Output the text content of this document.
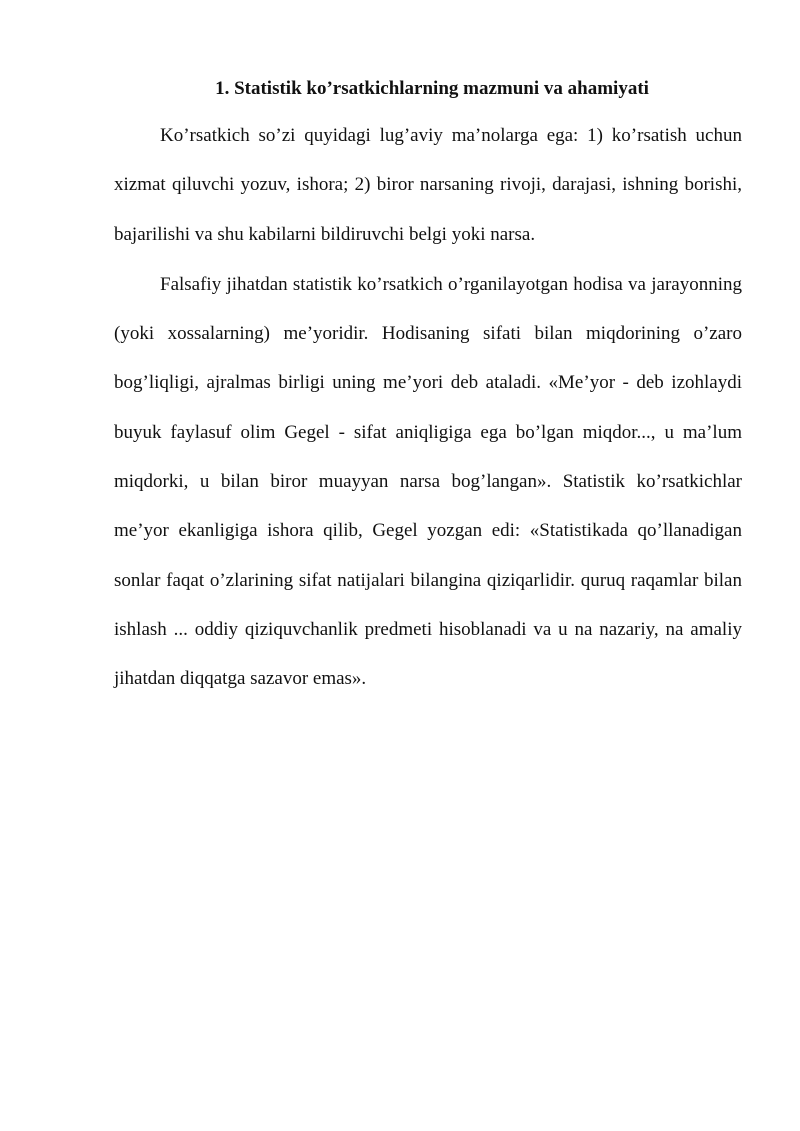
1. Statistik ko’rsatkichlarning mazmuni va ahamiyati

Ko’rsatkich so’zi quyidagi lug’aviy ma’nolarga ega: 1) ko’rsatish uchun xizmat qiluvchi yozuv, ishora; 2) biror narsaning rivoji, darajasi, ishning borishi, bajarilishi va shu kabilarni bildiruvchi belgi yoki narsa.

Falsafiy jihatdan statistik ko’rsatkich o’rganilayotgan hodisa va jarayonning (yoki xossalarning) me’yoridir. Hodisaning sifati bilan miqdorining o’zaro bog’liqligi, ajralmas birligi uning me’yori deb ataladi. «Me’yor - deb izohlaydi buyuk faylasuf olim Gegel - sifat aniqligiga ega bo’lgan miqdor..., u ma’lum miqdorki, u bilan biror muayyan narsa bog’langan». Statistik ko’rsatkichlar me’yor ekanligiga ishora qilib, Gegel yozgan edi: «Statistikada qo’llanadigan sonlar faqat o’zlarining sifat natijalari bilangina qiziqarlidir. quruq raqamlar bilan ishlash ... oddiy qiziquvchanlik predmeti hisoblanadi va u na nazariy, na amaliy jihatdan diqqatga sazavor emas».
